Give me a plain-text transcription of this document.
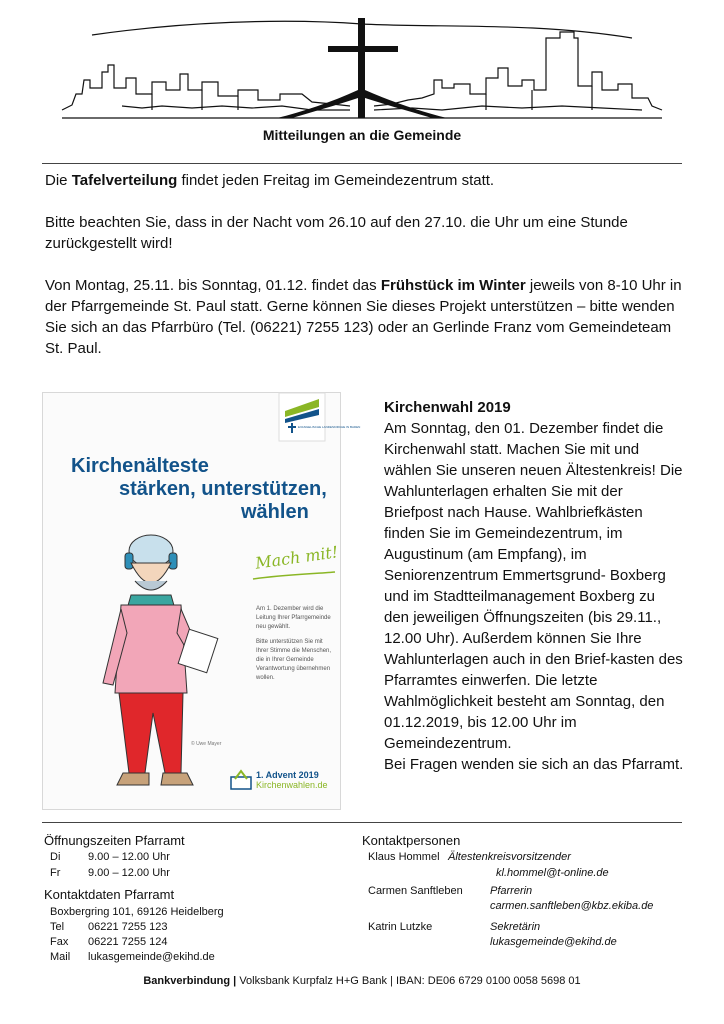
Mitteilungen an die Gemeinde

Die Tafelverteilung findet jeden Freitag im Gemeindezentrum statt.

Bitte beachten Sie, dass in der Nacht vom 26.10 auf den 27.10. die Uhr um eine Stunde zurückgestellt wird!

Von Montag, 25.11. bis Sonntag, 01.12. findet das Frühstück im Winter jeweils von 8-10 Uhr in der Pfarrgemeinde St. Paul statt. Gerne können Sie dieses Projekt unterstützen – bitte wenden Sie sich an das Pfarrbüro (Tel. (06221) 7255 123) oder an Gerlinde Franz vom Gemeindeteam St. Paul.

EVANGELISCHE LANDESKIRCHE IN BADEN
Kirchenälteste
stärken, unterstützen,
wählen
Mach mit!

Am 1. Dezember wird die Leitung Ihrer Pfarrgemeinde neu gewählt.

Bitte unterstützen Sie mit Ihrer Stimme die Menschen, die in Ihrer Gemeinde Verantwortung übernehmen wollen.

© Uwe Mayer
1. Advent 2019
Kirchenwahlen.de
Kirchenwahl 2019
Am Sonntag, den 01. Dezember findet die Kirchenwahl statt. Machen Sie mit und wählen Sie unseren neuen Ältestenkreis! Die Wahlunterlagen erhalten Sie mit der Briefpost nach Hause. Wahlbriefkästen finden Sie im Gemeindezentrum, im Augustinum (am Empfang), im Seniorenzentrum Emmertsgrund- Boxberg und im Stadtteilmanagement Boxberg zu den jeweiligen Öffnungszeiten (bis 29.11., 12.00 Uhr). Außerdem können Sie Ihre Wahlunterlagen auch in den Brief-kasten des Pfarramtes einwerfen. Die letzte Wahlmöglichkeit besteht am Sonntag, den 01.12.2019, bis 12.00 Uhr im Gemeindezentrum.
Bei Fragen wenden sie sich an das Pfarramt.
Öffnungszeiten Pfarramt
Di	9.00 – 12.00 Uhr
Fr	9.00 – 12.00 Uhr
Kontaktdaten Pfarramt
Boxbergring 101, 69126 Heidelberg
Tel 06221 7255 123
Fax 06221 7255 124
Mail lukasgemeinde@ekihd.de
Kontaktpersonen
Klaus Hommel Ältestenkreisvorsitzender
kl.hommel@t-online.de
Carmen Sanftleben Pfarrerin
carmen.sanftleben@kbz.ekiba.de
Katrin Lutzke	Sekretärin
lukasgemeinde@ekihd.de
Bankverbindung | Volksbank Kurpfalz H+G Bank | IBAN: DE06 6729 0100 0058 5698 01
